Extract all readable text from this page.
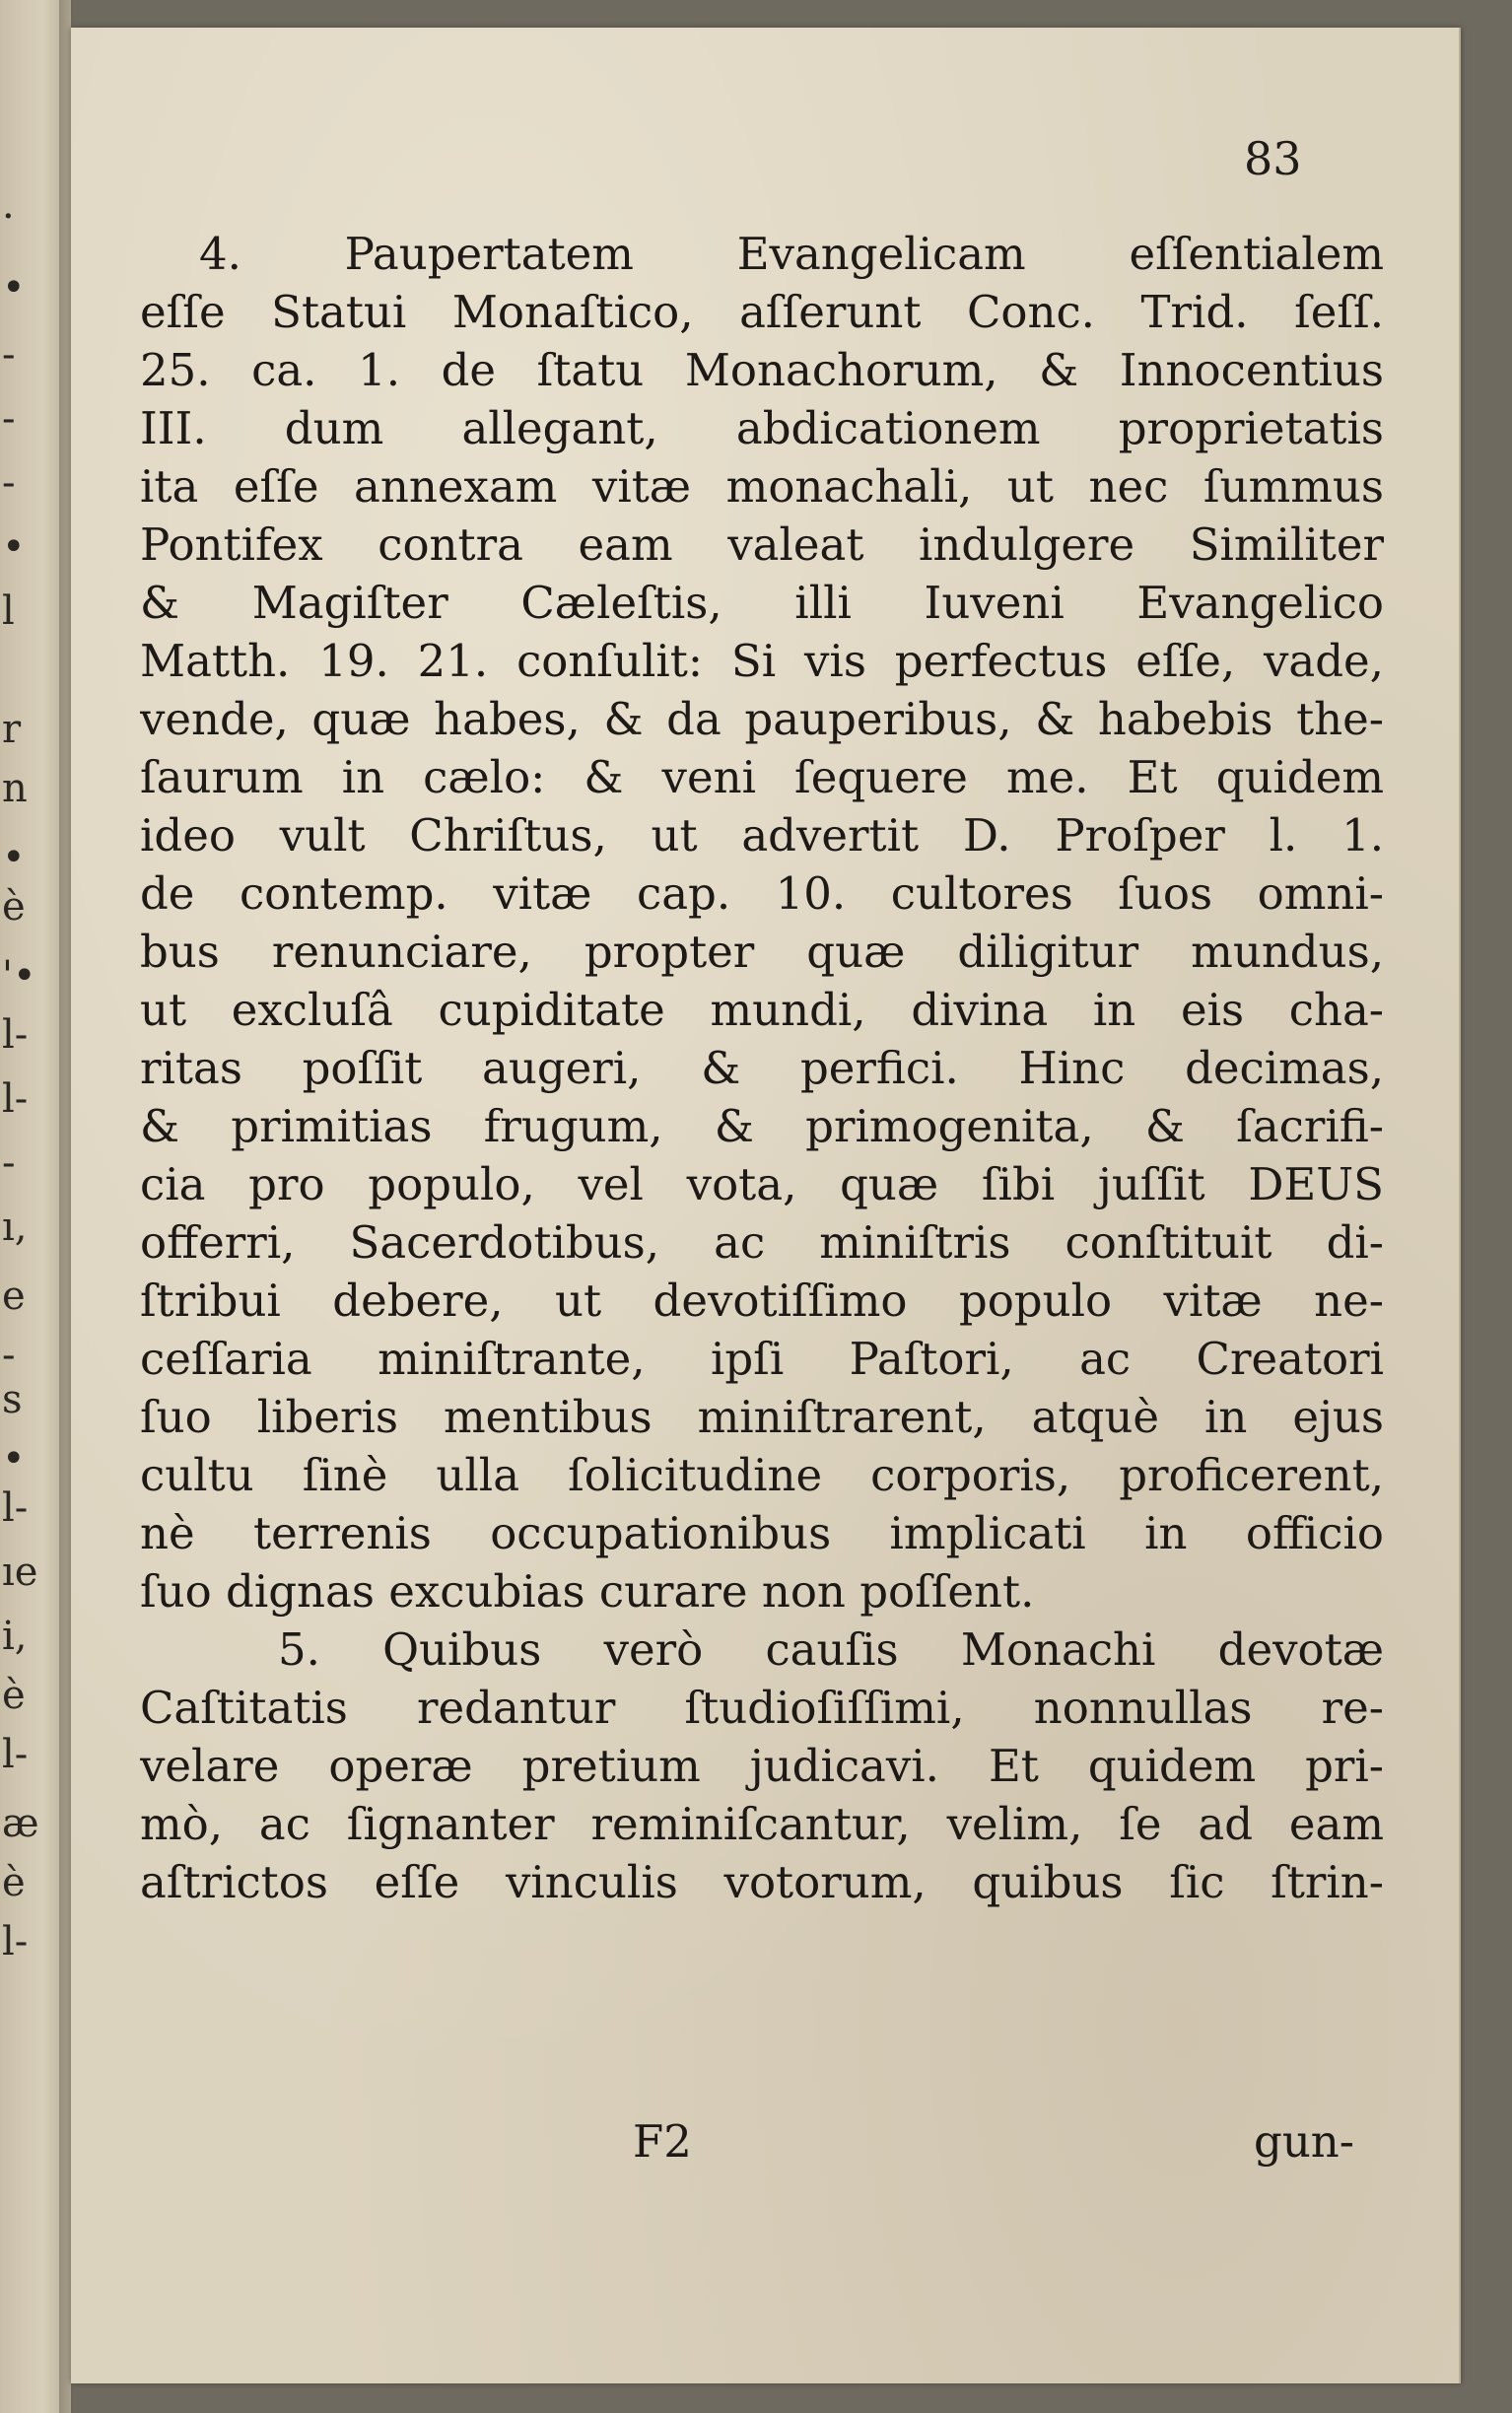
·
•
-
-
-
•
l
r
n
•
è
'•
l-
l-
-
ı,
e
-
s
•
l-
ıe
i,
è
l-
æ
è
l-
83
4. Paupertatem Evangelicam eſſentialem
eſſe Statui Monaſtico, aſſerunt Conc. Trid. ſeſſ.
25. ca. 1. de ſtatu Monachorum, & Innocentius
III. dum allegant, abdicationem proprietatis
ita eſſe annexam vitæ monachali, ut nec ſummus
Pontifex contra eam valeat indulgere Similiter
& Magiſter Cæleſtis, illi Iuveni Evangelico
Matth. 19. 21. conſulit: Si vis perfectus eſſe, vade,
vende, quæ habes, & da pauperibus, & habebis the-
ſaurum in cælo: & veni ſequere me. Et quidem
ideo vult Chriſtus, ut advertit D. Proſper l. 1.
de contemp. vitæ cap. 10. cultores ſuos omni-
bus renunciare, propter quæ diligitur mundus,
ut excluſâ cupiditate mundi, divina in eis cha-
ritas poſſit augeri, & perfici. Hinc decimas,
& primitias frugum, & primogenita, & ſacrifi-
cia pro populo, vel vota, quæ ſibi juſſit DEUS
offerri, Sacerdotibus, ac miniſtris conſtituit di-
ſtribui debere, ut devotiſſimo populo vitæ ne-
ceſſaria miniſtrante, ipſi Paſtori, ac Creatori
ſuo liberis mentibus miniſtrarent, atquè in ejus
cultu ſinè ulla ſolicitudine corporis, proficerent,
nè terrenis occupationibus implicati in officio
ſuo dignas excubias curare non poſſent.
5. Quibus verò cauſis Monachi devotæ
Caſtitatis redantur ſtudioſiſſimi, nonnullas re-
velare operæ pretium judicavi. Et quidem pri-
mò, ac ſignanter reminiſcantur, velim, ſe ad eam
aſtrictos eſſe vinculis votorum, quibus ſic ſtrin-
F2	gun-
